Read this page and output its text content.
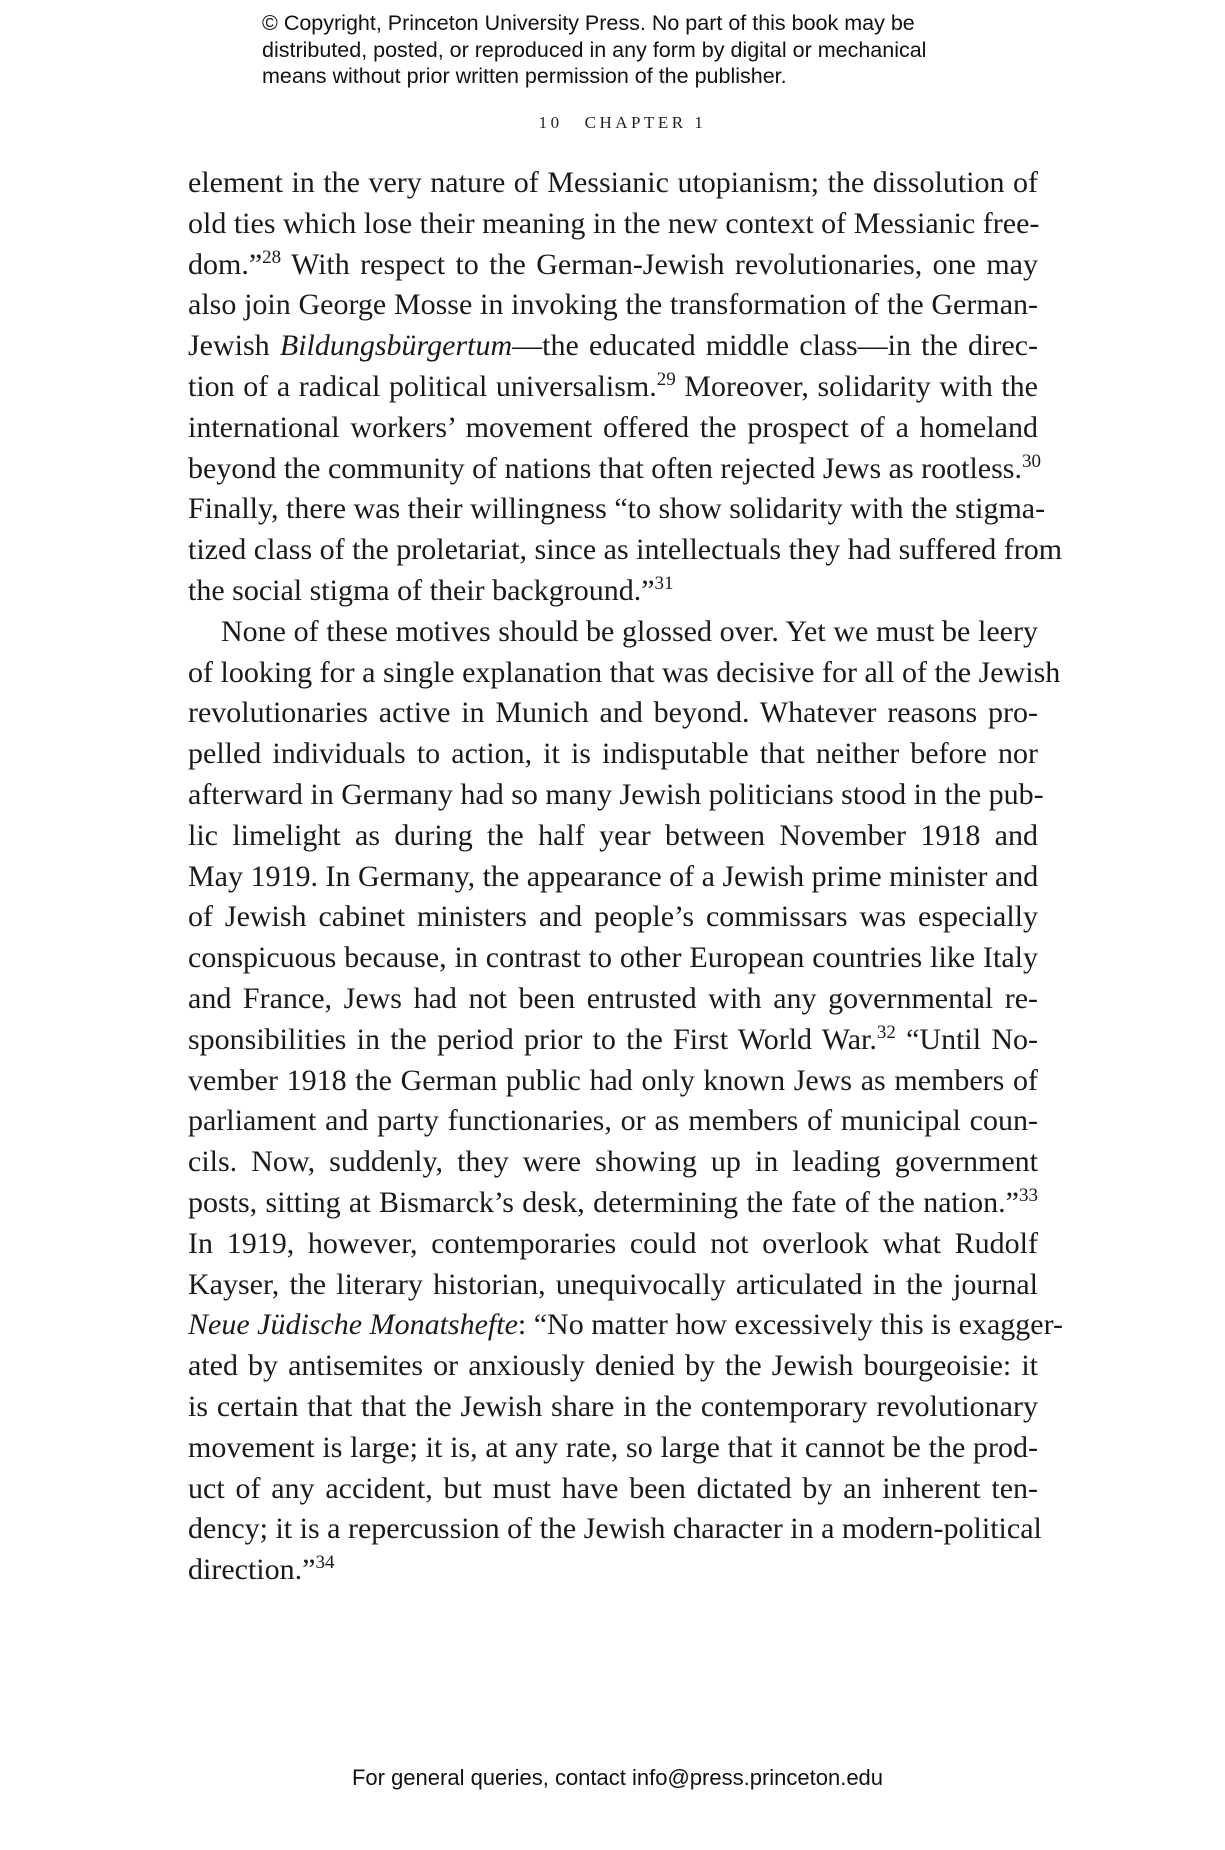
© Copyright, Princeton University Press. No part of this book may be
distributed, posted, or reproduced in any form by digital or mechanical
means without prior written permission of the publisher.
10 CHAPTER 1
element in the very nature of Messianic utopianism; the dissolution of
old ties which lose their meaning in the new context of Messianic free-
dom.”$^{28}$ With respect to the German-Jewish revolutionaries, one may
also join George Mosse in invoking the transformation of the German-
Jewish Bildungsbürgertum—the educated middle class—in the direc-
tion of a radical political universalism.$^{29}$ Moreover, solidarity with the
international workers’ movement offered the prospect of a homeland
beyond the community of nations that often rejected Jews as rootless.$^{30}$
Finally, there was their willingness “to show solidarity with the stigma-
tized class of the proletariat, since as intellectuals they had suffered from
the social stigma of their background.”$^{31}$
None of these motives should be glossed over. Yet we must be leery
of looking for a single explanation that was decisive for all of the Jewish
revolutionaries active in Munich and beyond. Whatever reasons pro-
pelled individuals to action, it is indisputable that neither before nor
afterward in Germany had so many Jewish politicians stood in the pub-
lic limelight as during the half year between November 1918 and
May 1919. In Germany, the appearance of a Jewish prime minister and
of Jewish cabinet ministers and people’s commissars was especially
conspicuous because, in contrast to other European countries like Italy
and France, Jews had not been entrusted with any governmental re-
sponsibilities in the period prior to the First World War.$^{32}$ “Until No-
vember 1918 the German public had only known Jews as members of
parliament and party functionaries, or as members of municipal coun-
cils. Now, suddenly, they were showing up in leading government
posts, sitting at Bismarck’s desk, determining the fate of the nation.”$^{33}$
In 1919, however, contemporaries could not overlook what Rudolf
Kayser, the literary historian, unequivocally articulated in the journal
Neue Jüdische Monatshefte: “No matter how excessively this is exagger-
ated by antisemites or anxiously denied by the Jewish bourgeoisie: it
is certain that that the Jewish share in the contemporary revolutionary
movement is large; it is, at any rate, so large that it cannot be the prod-
uct of any accident, but must have been dictated by an inherent ten-
dency; it is a repercussion of the Jewish character in a modern-political
direction.”$^{34}$
For general queries, contact info@press.princeton.edu
